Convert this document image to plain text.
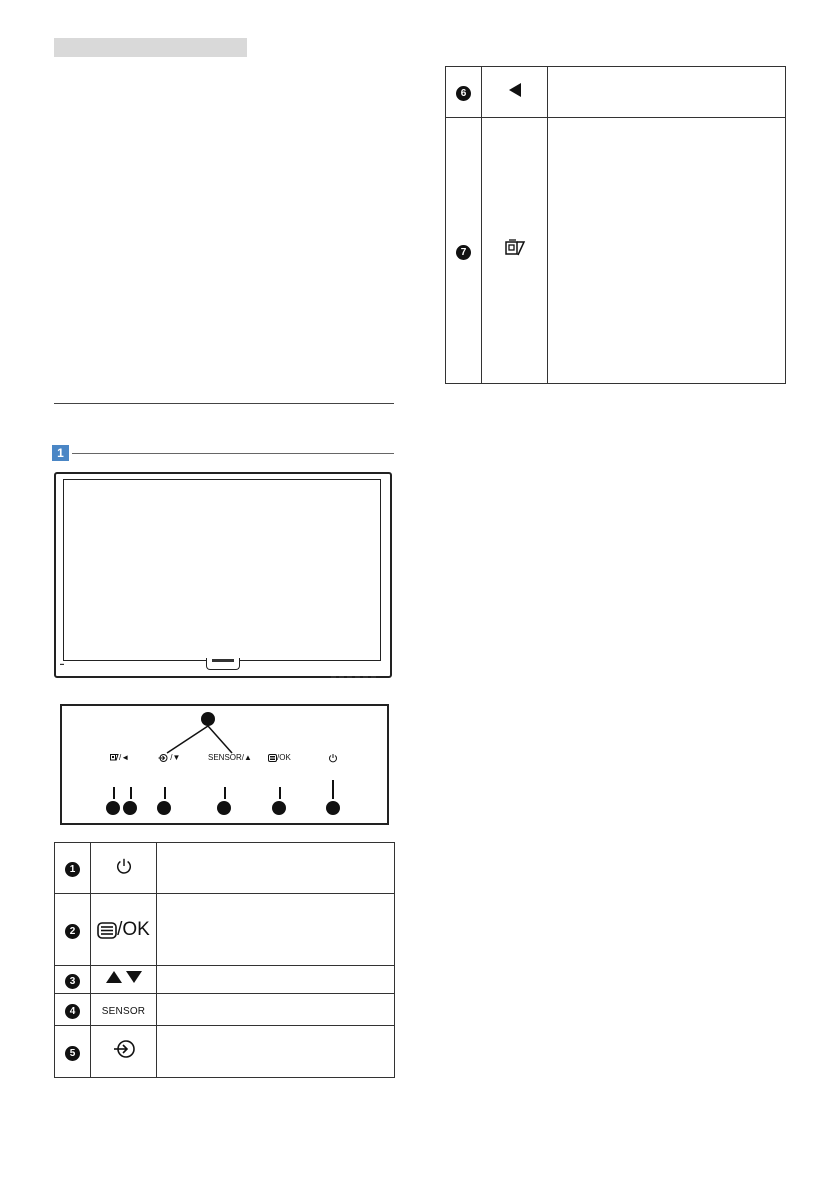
1
▬
/◄	/▼	SENSOR/▲	/OK
1		
2	/OK	
3		
4	SENSOR	
5		
6		
7		
